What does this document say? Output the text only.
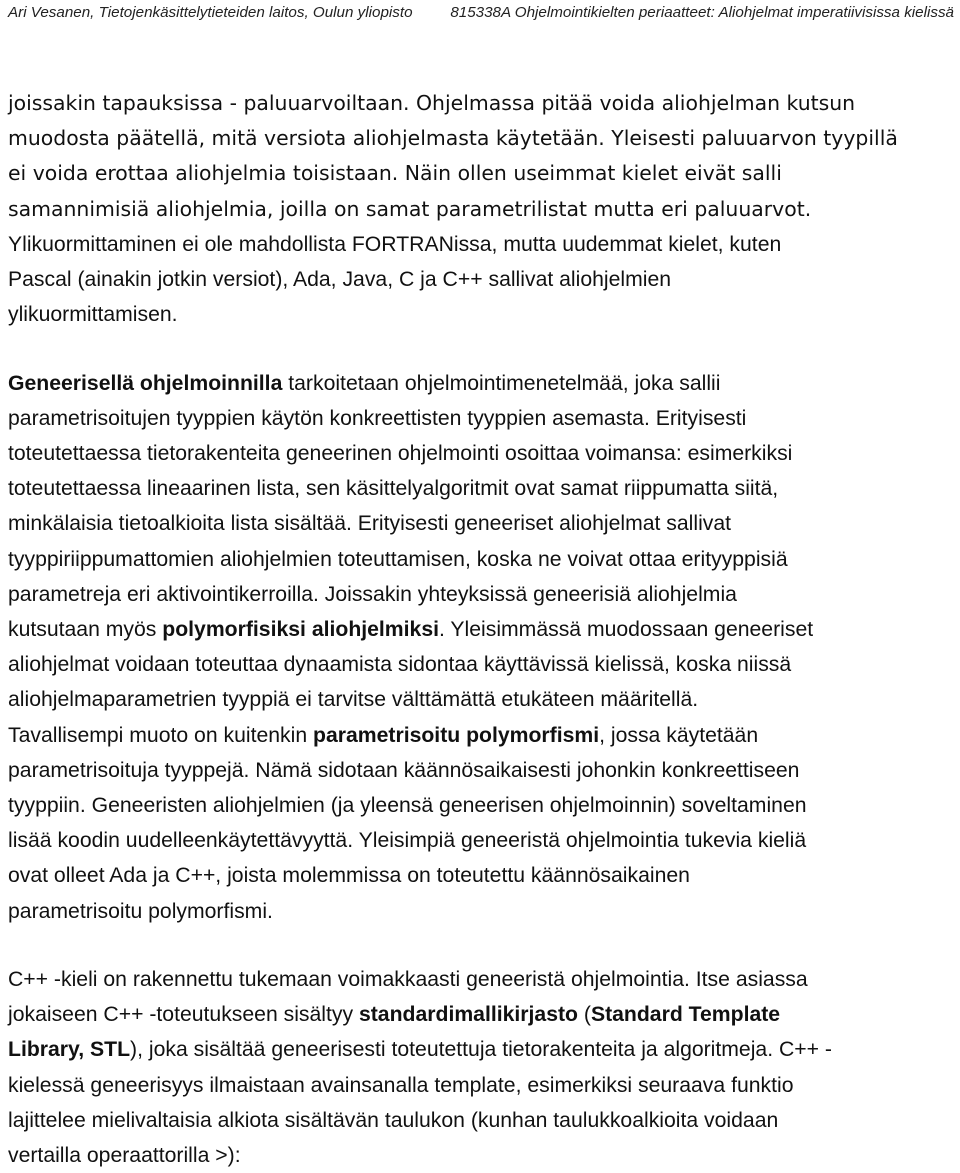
Ari Vesanen, Tietojenkäsittelytieteiden laitos, Oulun yliopisto 815338A Ohjelmointikielten periaatteet: Aliohjelmat imperatiivisissa kielissä

joissakin tapauksissa - paluuarvoiltaan. Ohjelmassa pitää voida aliohjelman kutsun
muodosta päätellä, mitä versiota aliohjelmasta käytetään. Yleisesti paluuarvon tyypillä
ei voida erottaa aliohjelmia toisistaan. Näin ollen useimmat kielet eivät salli
samannimisiä aliohjelmia, joilla on samat parametrilistat mutta eri paluuarvot.
Ylikuormittaminen ei ole mahdollista FORTRANissa, mutta uudemmat kielet, kuten
Pascal (ainakin jotkin versiot), Ada, Java, C ja C++ sallivat aliohjelmien
ylikuormittamisen.

Geneerisellä ohjelmoinnilla tarkoitetaan ohjelmointimenetelmää, joka sallii
parametrisoitujen tyyppien käytön konkreettisten tyyppien asemasta. Erityisesti
toteutettaessa tietorakenteita geneerinen ohjelmointi osoittaa voimansa: esimerkiksi
toteutettaessa lineaarinen lista, sen käsittelyalgoritmit ovat samat riippumatta siitä,
minkälaisia tietoalkioita lista sisältää. Erityisesti geneeriset aliohjelmat sallivat
tyyppiriippumattomien aliohjelmien toteuttamisen, koska ne voivat ottaa erityyppisiä
parametreja eri aktivointikerroilla. Joissakin yhteyksissä geneerisiä aliohjelmia
kutsutaan myös polymorfisiksi aliohjelmiksi. Yleisimmässä muodossaan geneeriset
aliohjelmat voidaan toteuttaa dynaamista sidontaa käyttävissä kielissä, koska niissä
aliohjelmaparametrien tyyppiä ei tarvitse välttämättä etukäteen määritellä.
Tavallisempi muoto on kuitenkin parametrisoitu polymorfismi, jossa käytetään
parametrisoituja tyyppejä. Nämä sidotaan käännösaikaisesti johonkin konkreettiseen
tyyppiin. Geneeristen aliohjelmien (ja yleensä geneerisen ohjelmoinnin) soveltaminen
lisää koodin uudelleenkäytettävyyttä. Yleisimpiä geneeristä ohjelmointia tukevia kieliä
ovat olleet Ada ja C++, joista molemmissa on toteutettu käännösaikainen
parametrisoitu polymorfismi.

C++ -kieli on rakennettu tukemaan voimakkaasti geneeristä ohjelmointia. Itse asiassa
jokaiseen C++ -toteutukseen sisältyy standardimallikirjasto (Standard Template
Library, STL), joka sisältää geneerisesti toteutettuja tietorakenteita ja algoritmeja. C++ -
kielessä geneerisyys ilmaistaan avainsanalla template, esimerkiksi seuraava funktio
lajittelee mielivaltaisia alkiota sisältävän taulukon (kunhan taulukkoalkioita voidaan
vertailla operaattorilla >):
